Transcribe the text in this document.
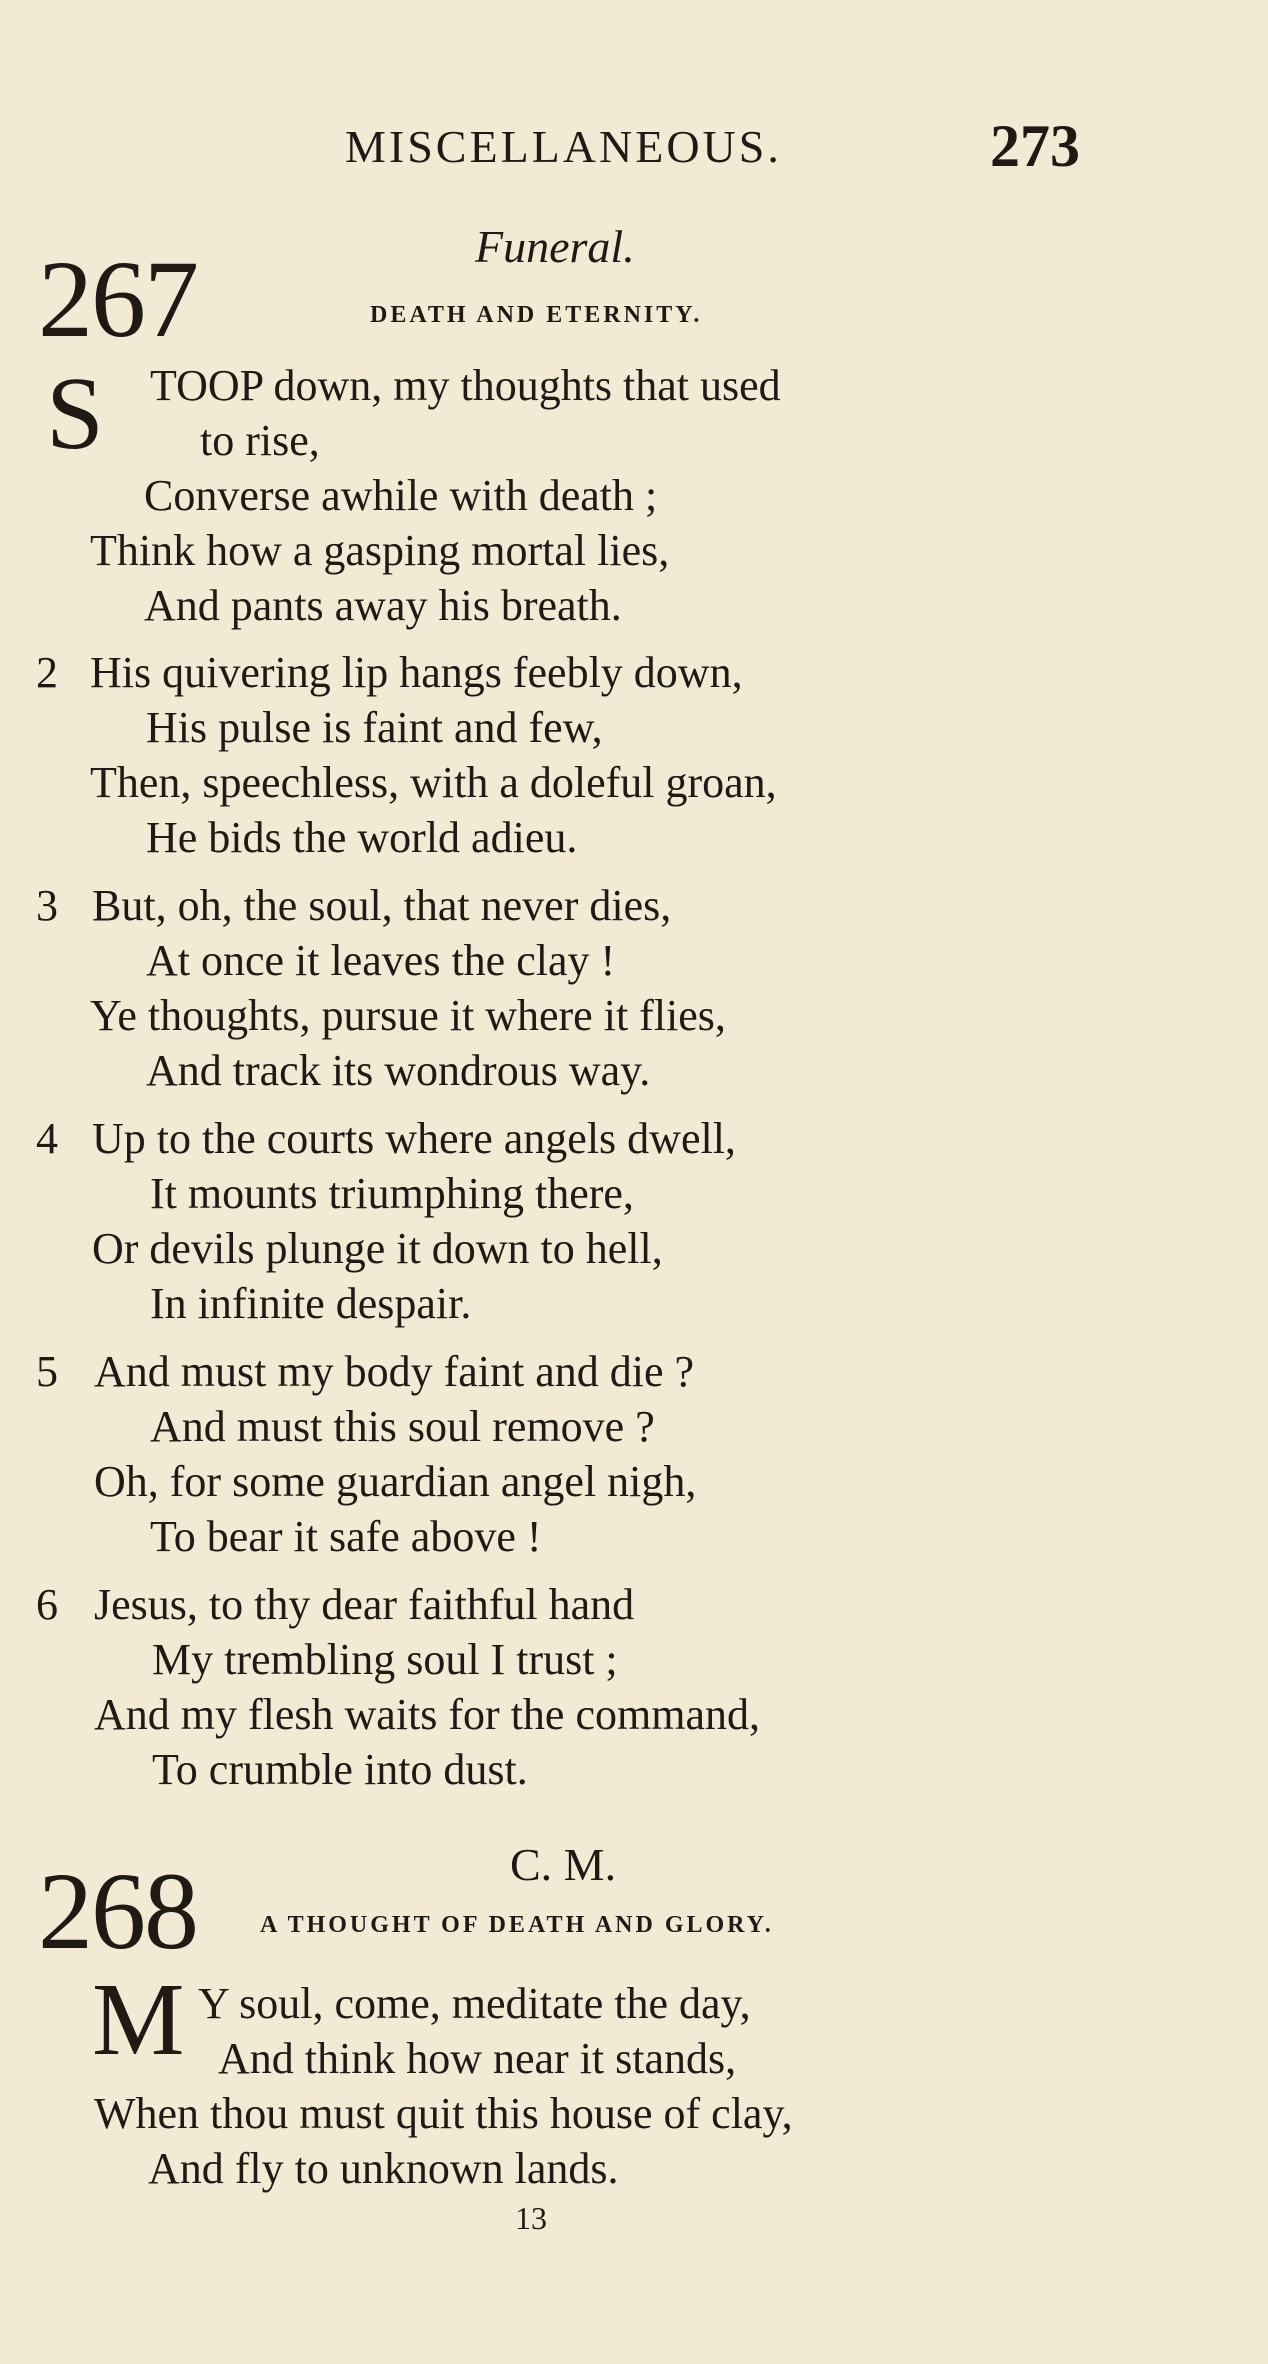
MISCELLANEOUS.	273
267	Funeral.
DEATH AND ETERNITY.
S TOOP down, my thoughts that used
to rise,
Converse awhile with death ;
Think how a gasping mortal lies,
And pants away his breath.
2 His quivering lip hangs feebly down,
His pulse is faint and few,
Then, speechless, with a doleful groan,
He bids the world adieu.
3 But, oh, the soul, that never dies,
At once it leaves the clay !
Ye thoughts, pursue it where it flies,
And track its wondrous way.
4 Up to the courts where angels dwell,
It mounts triumphing there,
Or devils plunge it down to hell,
In infinite despair.
5 And must my body faint and die ?
And must this soul remove ?
Oh, for some guardian angel nigh,
To bear it safe above !
6 Jesus, to thy dear faithful hand
My trembling soul I trust ;
And my flesh waits for the command,
To crumble into dust.
268	C. M.
A THOUGHT OF DEATH AND GLORY.
M Y soul, come, meditate the day,
And think how near it stands,
When thou must quit this house of clay,
And fly to unknown lands.
13
